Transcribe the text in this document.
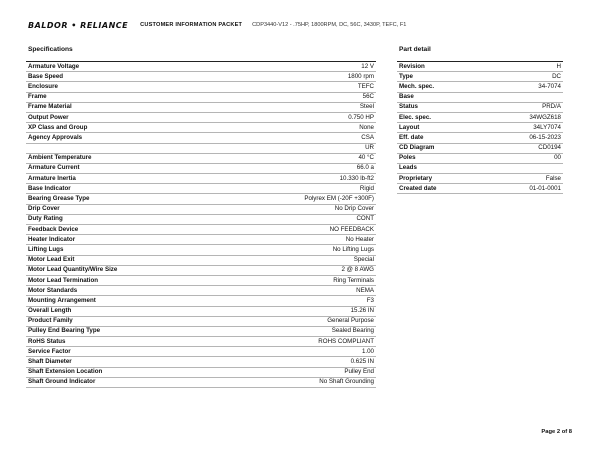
BALDOR • RELIANCE CUSTOMER INFORMATION PACKET CDP3440-V12 - .75HP, 1800RPM, DC, 56C, 3430P, TEFC, F1
Specifications
Armature Voltage	12 V
Base Speed	1800 rpm
Enclosure	TEFC
Frame	56C
Frame Material	Steel
Output Power	0.750 HP
XP Class and Group	None
Agency Approvals	CSA
UR
Ambient Temperature	40 °C
Armature Current	66.0 a
Armature Inertia	10.330 lb-ft2
Base Indicator	Rigid
Bearing Grease Type	Polyrex EM (-20F +300F)
Drip Cover	No Drip Cover
Duty Rating	CONT
Feedback Device	NO FEEDBACK
Heater Indicator	No Heater
Lifting Lugs	No Lifting Lugs
Motor Lead Exit	Special
Motor Lead Quantity/Wire Size	2 @ 8 AWG
Motor Lead Termination	Ring Terminals
Motor Standards	NEMA
Mounting Arrangement	F3
Overall Length	15.26 IN
Product Family	General Purpose
Pulley End Bearing Type	Sealed Bearing
RoHS Status	ROHS COMPLIANT
Service Factor	1.00
Shaft Diameter	0.625 IN
Shaft Extension Location	Pulley End
Shaft Ground Indicator	No Shaft Grounding
Part detail
Revision	H
Type	DC
Mech. spec.	34-7074
Base
Status	PRD/A
Elec. spec.	34WGZ618
Layout	34LY7074
Eff. date	06-15-2023
CD Diagram	CD0194
Poles	00
Leads
Proprietary	False
Created date	01-01-0001
Page 2 of 8
